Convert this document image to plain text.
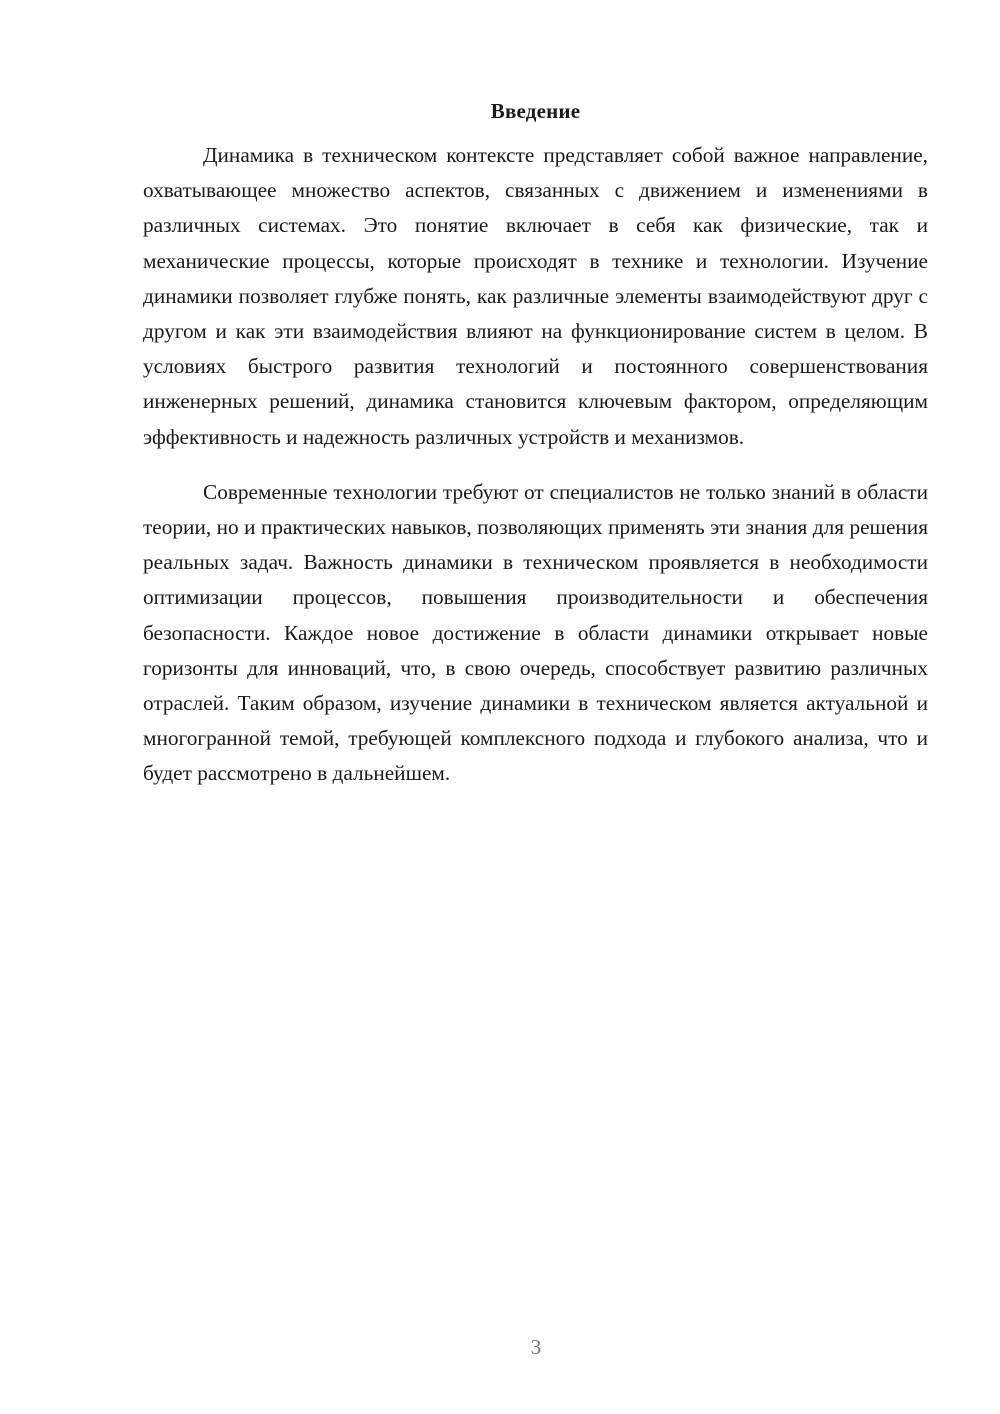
Введение

Динамика в техническом контексте представляет собой важное направление, охватывающее множество аспектов, связанных с движением и изменениями в различных системах. Это понятие включает в себя как физические, так и механические процессы, которые происходят в технике и технологии. Изучение динамики позволяет глубже понять, как различные элементы взаимодействуют друг с другом и как эти взаимодействия влияют на функционирование систем в целом. В условиях быстрого развития технологий и постоянного совершенствования инженерных решений, динамика становится ключевым фактором, определяющим эффективность и надежность различных устройств и механизмов.

Современные технологии требуют от специалистов не только знаний в области теории, но и практических навыков, позволяющих применять эти знания для решения реальных задач. Важность динамики в техническом проявляется в необходимости оптимизации процессов, повышения производительности и обеспечения безопасности. Каждое новое достижение в области динамики открывает новые горизонты для инноваций, что, в свою очередь, способствует развитию различных отраслей. Таким образом, изучение динамики в техническом является актуальной и многогранной темой, требующей комплексного подхода и глубокого анализа, что и будет рассмотрено в дальнейшем.

3
